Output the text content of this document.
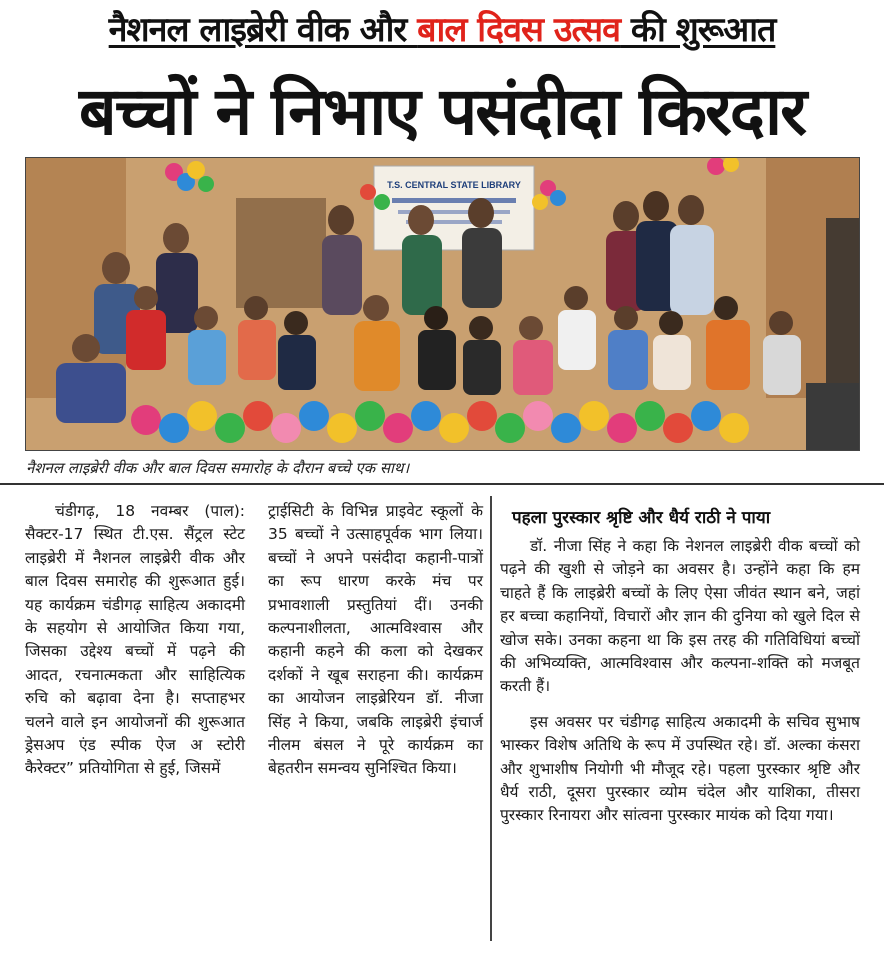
नैशनल लाइब्रेरी वीक और बाल दिवस उत्सव की शुरूआत
बच्चों ने निभाए पसंदीदा किरदार
T.S. CENTRAL STATE LIBRARY
नैशनल लाइब्रेरी वीक और बाल दिवस समारोह के दौरान बच्चे एक साथ।

चंडीगढ़, 18 नवम्बर (पाल): सैक्टर-17 स्थित टी.एस. सैंट्रल स्टेट लाइब्रेरी में नैशनल लाइब्रेरी वीक और बाल दिवस समारोह की शुरूआत हुई। यह कार्यक्रम चंडीगढ़ साहित्य अकादमी के सहयोग से आयोजित किया गया, जिसका उद्देश्य बच्चों में पढ़ने की आदत, रचनात्मकता और साहित्यिक रुचि को बढ़ावा देना है। सप्ताहभर चलने वाले इन आयोजनों की शुरूआत ड्रेसअप एंड स्पीक ऐज अ स्टोरी कैरेक्टर” प्रतियोगिता से हुई, जिसमें

ट्राईसिटी के विभिन्न प्राइवेट स्कूलों के 35 बच्चों ने उत्साहपूर्वक भाग लिया। बच्चों ने अपने पसंदीदा कहानी-पात्रों का रूप धारण करके मंच पर प्रभावशाली प्रस्तुतियां दीं। उनकी कल्पनाशीलता, आत्मविश्वास और कहानी कहने की कला को देखकर दर्शकों ने खूब सराहना की। कार्यक्रम का आयोजन लाइब्रेरियन डॉ. नीजा सिंह ने किया, जबकि लाइब्रेरी इंचार्ज नीलम बंसल ने पूरे कार्यक्रम का बेहतरीन समन्वय सुनिश्चित किया।

पहला पुरस्कार श्रृष्टि और धैर्य राठी ने पाया

डॉ. नीजा सिंह ने कहा कि नेशनल लाइब्रेरी वीक बच्चों को पढ़ने की खुशी से जोड़ने का अवसर है। उन्होंने कहा कि हम चाहते हैं कि लाइब्रेरी बच्चों के लिए ऐसा जीवंत स्थान बने, जहां हर बच्चा कहानियों, विचारों और ज्ञान की दुनिया को खुले दिल से खोज सके। उनका कहना था कि इस तरह की गतिविधियां बच्चों की अभिव्यक्ति, आत्मविश्वास और कल्पना-शक्ति को मजबूत करती हैं।

इस अवसर पर चंडीगढ़ साहित्य अकादमी के सचिव सुभाष भास्कर विशेष अतिथि के रूप में उपस्थित रहे। डॉ. अल्का कंसरा और शुभाशीष नियोगी भी मौजूद रहे। पहला पुरस्कार श्रृष्टि और धैर्य राठी, दूसरा पुरस्कार व्योम चंदेल और याशिका, तीसरा पुरस्कार रिनायरा और सांत्वना पुरस्कार मायंक को दिया गया।
